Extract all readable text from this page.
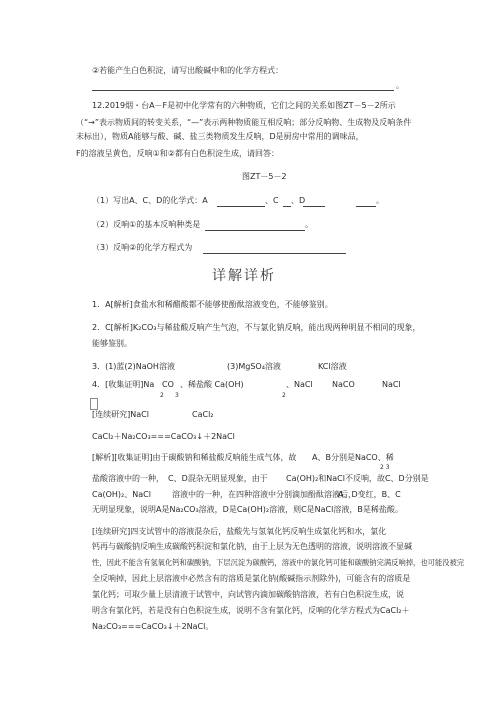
②若能产生白色积淀，请写出酸碱中和的化学方程式：
。
12.2019烟・台A－F是初中化学常有的六种物质，它们之间的关系如图ZT－5－2所示
（“→”表示物质间的转变关系，“—”表示两种物质能互相反响；部分反响物、生成物及反响条件
未标出），物质A能够与酸、碱、盐三类物质发生反响，D是厨房中常用的调味品，
F的溶液呈黄色，反响①和②都有白色积淀生成，请回答：
图ZT－5－2
（1）写出A、C、D的化学式：A	、C 、D	。
（2）反响①的基本反响种类是	。
（3）反响②的化学方程式为
详解详析
1．A[解析]食盐水和稀醋酸都不能够使酚酞溶液变色，不能够鉴别。
2．C[解析]K₂CO₃与稀盐酸反响产生气泡，不与氯化钠反响，能出现两种明显不相同的现象，
能够鉴别。
3．(1)蓝(2)NaOH溶液	(3)MgSO₄溶液	KCl溶液
4．[收集证明]Na CO 、稀盐酸 Ca(OH)	、NaCl NaCO	NaCl
2 3	2
[连续研究]NaCl	CaCl₂
CaCl₂＋Na₂CO₃===CaCO₃↓＋2NaCl
[解析][收集证明]由于碳酸钠和稀盐酸反响能生成气体，故 A、B分别是NaCO、稀
2 3
盐酸溶液中的一种， C、D混杂无明显现象，由于 Ca(OH)₂和NaCl不反响，故C、D分别是
Ca(OH)₂、NaCl	溶液中的一种，在四种溶液中分别滴加酚酞溶液后，
A、D变红，B、C
无明显现象，说明A是Na₂CO₃溶液，D是Ca(OH)₂溶液，则C是NaCl溶液，B是稀盐酸。
[连续研究]四支试管中的溶液混杂后，盐酸先与氢氧化钙反响生成氯化钙和水，氯化
钙再与碳酸钠反响生成碳酸钙积淀和氯化钠，由于上层为无色透明的溶液，说明溶液不显碱
性，因此不能含有氢氧化钙和碳酸钠，下层沉淀为碳酸钙，溶液中的氯化钙可能和碳酸钠完满反响掉，也可能没被完
全反响掉，因此上层溶液中必然含有的溶质是氯化钠(酸碱指示剂除外)，可能含有的溶质是
氯化钙；可取少量上层清液于试管中，向试管内滴加碳酸钠溶液，若有白色积淀生成，说
明含有氯化钙，若是没有白色积淀生成，说明不含有氯化钙，反响的化学方程式为CaCl₂＋
Na₂CO₃===CaCO₃↓＋2NaCl。
